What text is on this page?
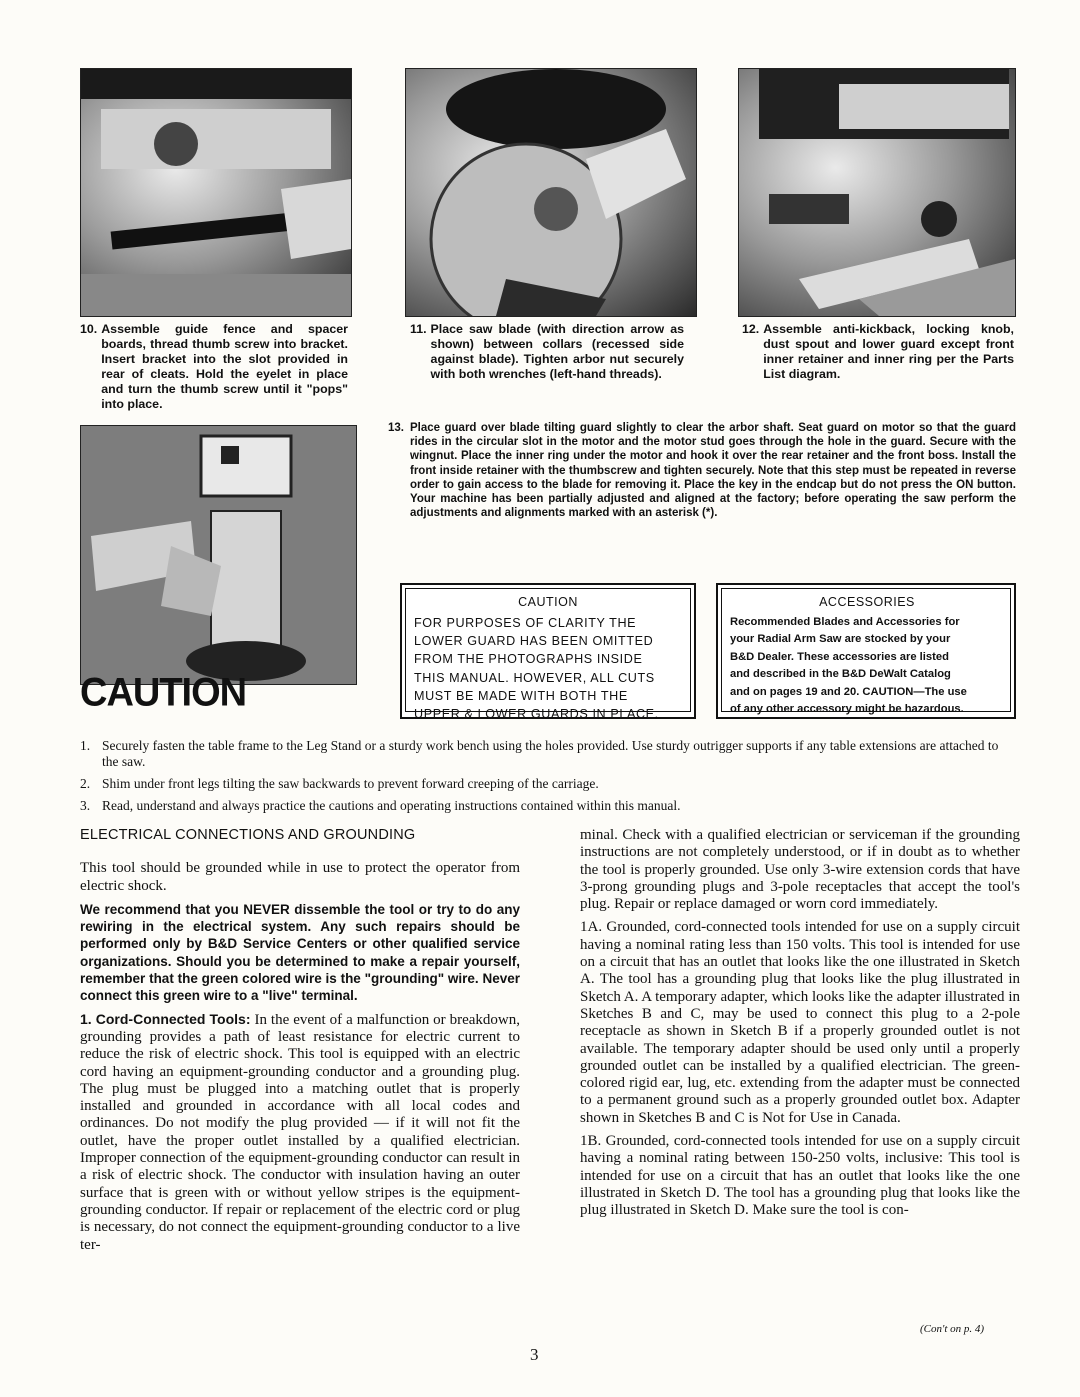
10. Assemble guide fence and spacer boards, thread thumb screw into bracket. Insert bracket into the slot provided in rear of cleats. Hold the eyelet in place and turn the thumb screw until it "pops" into place.
11. Place saw blade (with direction arrow as shown) between collars (recessed side against blade). Tighten arbor nut securely with both wrenches (left-hand threads).
12. Assemble anti-kickback, locking knob, dust spout and lower guard except front inner retainer and inner ring per the Parts List diagram.
13. Place guard over blade tilting guard slightly to clear the arbor shaft. Seat guard on motor so that the guard rides in the circular slot in the motor and the motor stud goes through the hole in the guard. Secure with the wingnut. Place the inner ring under the motor and hook it over the rear retainer and the front boss. Install the front inside retainer with the thumbscrew and tighten securely. Note that this step must be repeated in reverse order to gain access to the blade for removing it. Place the key in the endcap but do not press the ON button. Your machine has been partially adjusted and aligned at the factory; before operating the saw perform the adjustments and alignments marked with an asterisk (*).
CAUTION
CAUTION
FOR PURPOSES OF CLARITY THE
LOWER GUARD HAS BEEN OMITTED
FROM THE PHOTOGRAPHS INSIDE
THIS MANUAL. HOWEVER, ALL CUTS
MUST BE MADE WITH BOTH THE
UPPER & LOWER GUARDS IN PLACE.
ACCESSORIES
Recommended Blades and Accessories for
your Radial Arm Saw are stocked by your
B&D Dealer. These accessories are listed
and described in the B&D DeWalt Catalog
and on pages 19 and 20. CAUTION—The use
of any other accessory might be hazardous.

1. Securely fasten the table frame to the Leg Stand or a sturdy work bench using the holes provided. Use sturdy outrigger supports if any table extensions are attached to the saw.

2. Shim under front legs tilting the saw backwards to prevent forward creeping of the carriage.

3. Read, understand and always practice the cautions and operating instructions contained within this manual.

ELECTRICAL CONNECTIONS AND GROUNDING

This tool should be grounded while in use to protect the operator from electric shock.

We recommend that you NEVER dissemble the tool or try to do any rewiring in the electrical system. Any such repairs should be performed only by B&D Service Centers or other qualified service organizations. Should you be determined to make a repair yourself, remember that the green colored wire is the "grounding" wire. Never connect this green wire to a "live" terminal.

1. Cord-Connected Tools: In the event of a malfunction or breakdown, grounding provides a path of least resistance for electric current to reduce the risk of electric shock. This tool is equipped with an electric cord having an equipment-grounding conductor and a grounding plug. The plug must be plugged into a matching outlet that is properly installed and grounded in accordance with all local codes and ordinances. Do not modify the plug provided — if it will not fit the outlet, have the proper outlet installed by a qualified electrician. Improper connection of the equipment-grounding conductor can result in a risk of electric shock. The conductor with insulation having an outer surface that is green with or without yellow stripes is the equipment-grounding conductor. If repair or replacement of the electric cord or plug is necessary, do not connect the equipment-grounding conductor to a live ter-

minal. Check with a qualified electrician or serviceman if the grounding instructions are not completely understood, or if in doubt as to whether the tool is properly grounded. Use only 3-wire extension cords that have 3-prong grounding plugs and 3-pole receptacles that accept the tool's plug. Repair or replace damaged or worn cord immediately.

1A. Grounded, cord-connected tools intended for use on a supply circuit having a nominal rating less than 150 volts. This tool is intended for use on a circuit that has an outlet that looks like the one illustrated in Sketch A. The tool has a grounding plug that looks like the plug illustrated in Sketch A. A temporary adapter, which looks like the adapter illustrated in Sketches B and C, may be used to connect this plug to a 2-pole receptacle as shown in Sketch B if a properly grounded outlet is not available. The temporary adapter should be used only until a properly grounded outlet can be installed by a qualified electrician. The green-colored rigid ear, lug, etc. extending from the adapter must be connected to a permanent ground such as a properly grounded outlet box. Adapter shown in Sketches B and C is Not for Use in Canada.

1B. Grounded, cord-connected tools intended for use on a supply circuit having a nominal rating between 150-250 volts, inclusive: This tool is intended for use on a circuit that has an outlet that looks like the one illustrated in Sketch D. The tool has a grounding plug that looks like the plug illustrated in Sketch D. Make sure the tool is con-

(Con't on p. 4)
3
